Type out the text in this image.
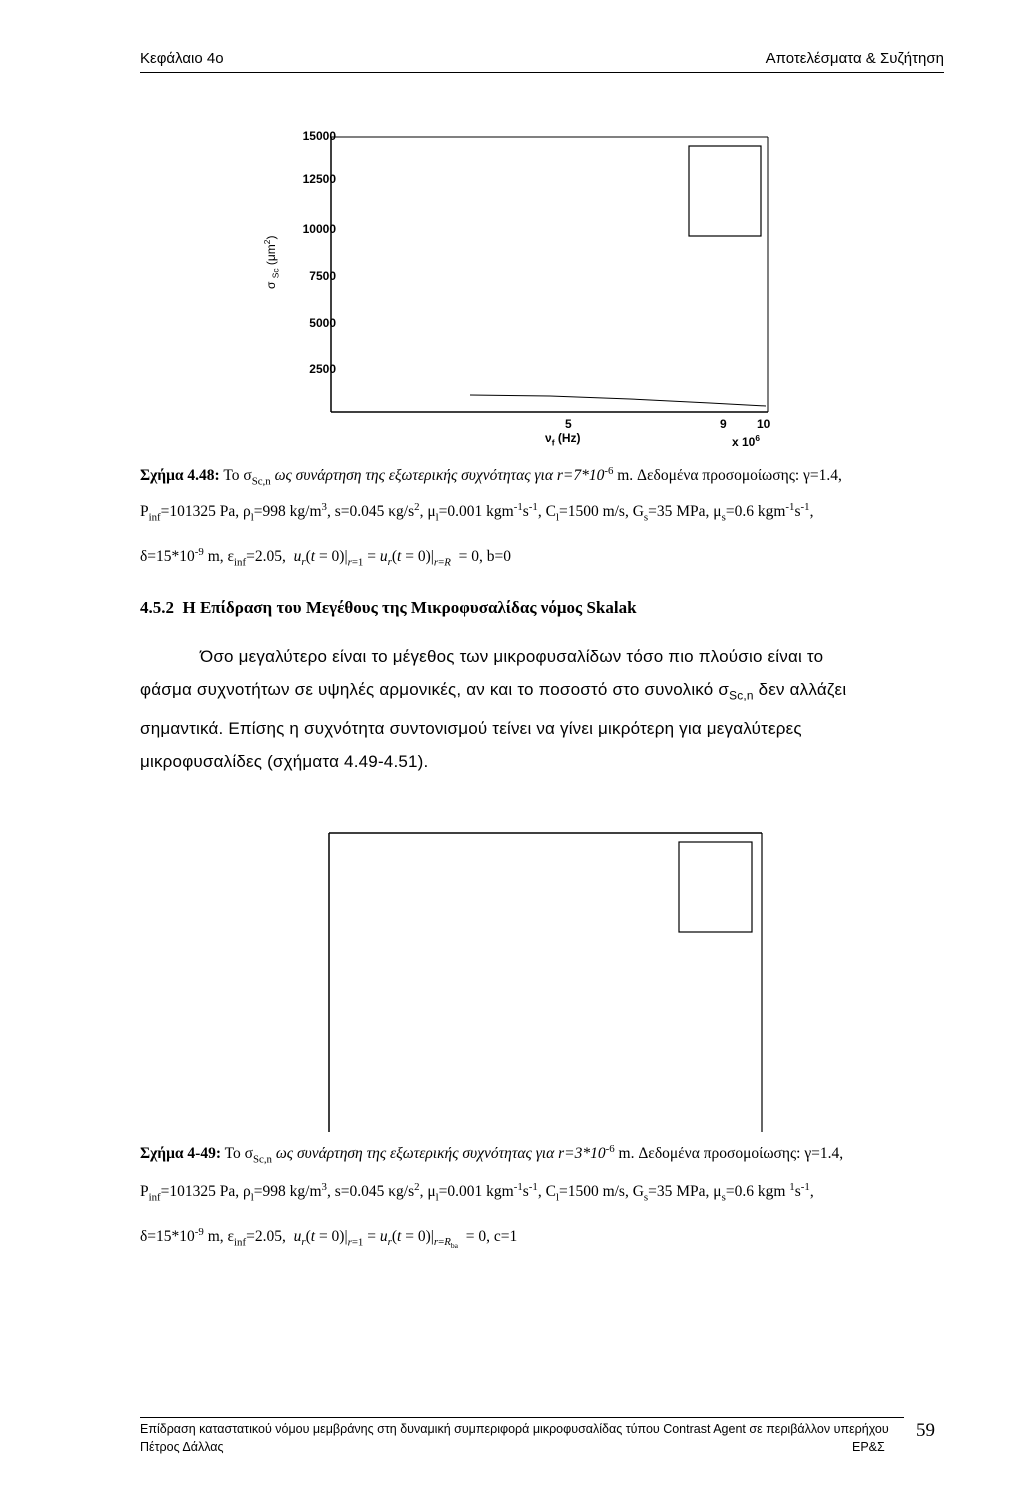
Κεφάλαιο 4ο	Αποτελέσματα & Συζήτηση
15000
12500
10000
7500
5000
2500
σ $_{Sc}$ $(\mu m^2)$
5	9	10
$\nu_f$ (Hz)	x $10^6$
Σχήμα 4.48: Το $\sigma_{Sc,n}$ ως συνάρτηση της εξωτερικής συχνότητας για $r=7*10^{-6}$ m. Δεδομένα προσομοίωσης: γ=1.4,
$P_{inf}=101325$ Pa, $\rho_l=998$ $kg/m^3$, s=0.045 $\kappa g/s^2$, $\mu_l=0.001$ $kgm^{-1}s^{-1}$, $C_l=1500$ m/s, $G_s=35$ MPa, $\mu_s=0.6$ $kgm^{-1}s^{-1}$,
$\delta=15*10^{-9}$ m, $\varepsilon_{inf}=2.05$,  $u_r(t = 0)|_{r=1} = u_r(t = 0)|_{r=R} = 0$, b=0
4.5.2 Η Επίδραση του Μεγέθους της Μικροφυσαλίδας νόμος Skalak
Όσο μεγαλύτερο είναι το μέγεθος των μικροφυσαλίδων τόσο πιο πλούσιο είναι το
φάσμα συχνοτήτων σε υψηλές αρμονικές, αν και το ποσοστό στο συνολικό $\sigma_{Sc,n}$ δεν αλλάζει
σημαντικά. Επίσης η συχνότητα συντονισμού τείνει να γίνει μικρότερη για μεγαλύτερες
μικροφυσαλίδες (σχήματα 4.49-4.51).
Σχήμα 4-49: Το $\sigma_{Sc,n}$ ως συνάρτηση της εξωτερικής συχνότητας για $r=3*10^{-6}$ m. Δεδομένα προσομοίωσης: γ=1.4,
$P_{inf}=101325$ Pa, $\rho_l=998$ $kg/m^3$, s=0.045 $\kappa g/s^2$, $\mu_l=0.001$ $kgm^{-1}s^{-1}$, $C_l=1500$ m/s, $G_s=35$ MPa, $\mu_s=0.6$ kgm $^1s^{-1}$,
$\delta=15*10^{-9}$ m, $\varepsilon_{inf}=2.05$,  $u_r(t = 0)|_{r=1} = u_r(t = 0)|_{r=R_{ba}} = 0$, c=1
Επίδραση καταστατικού νόμου μεμβράνης στη δυναμική συμπεριφορά μικροφυσαλίδας τύπου Contrast Agent σε περιβάλλον υπερήχου
Πέτρος Δάλλας	ΕΡ&Σ
59
